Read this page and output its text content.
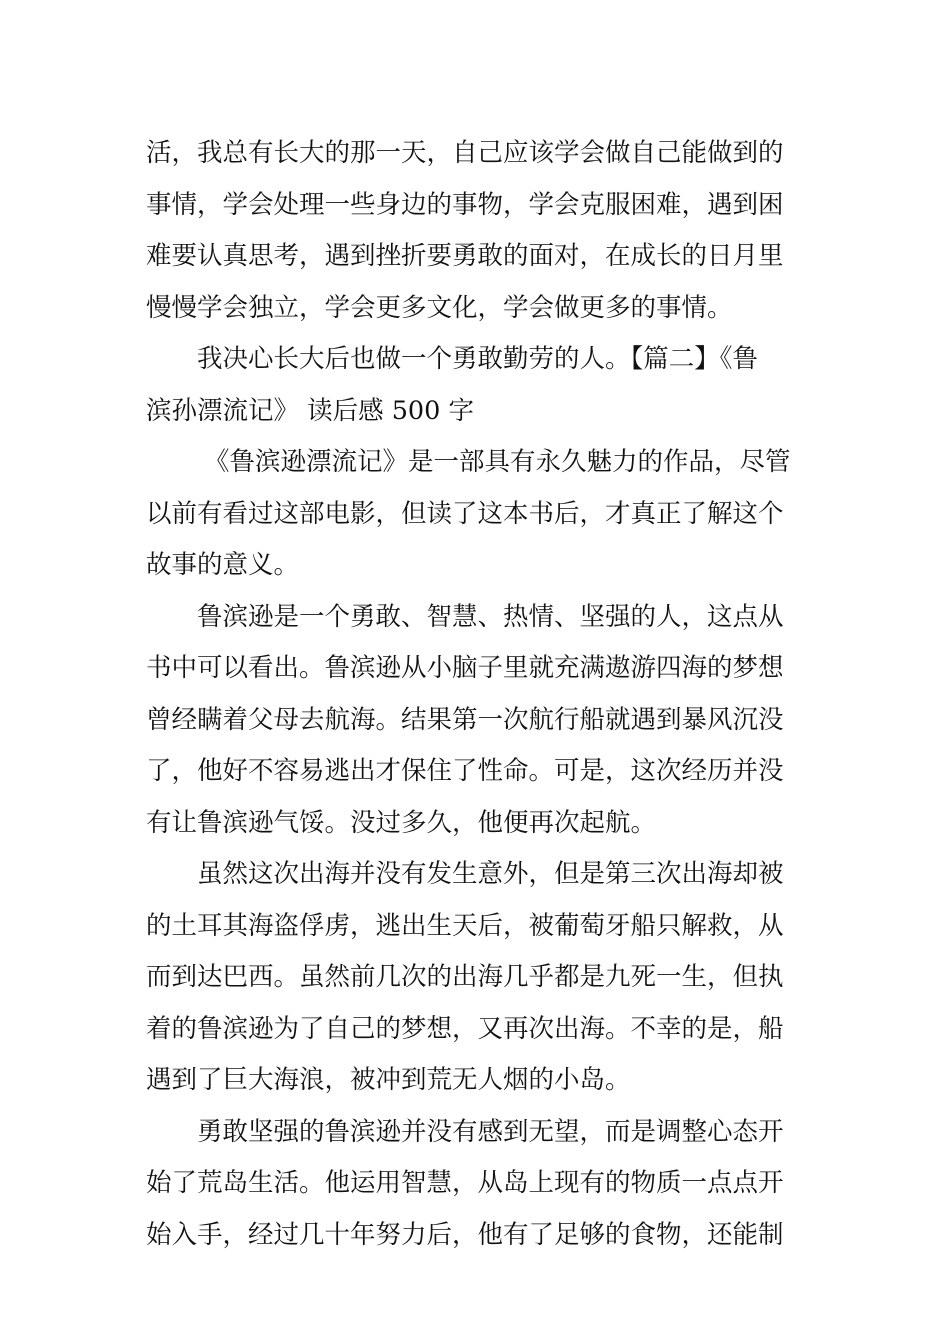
活，我总有长大的那一天，自己应该学会做自己能做到的
事情，学会处理一些身边的事物，学会克服困难，遇到困
难要认真思考，遇到挫折要勇敢的面对，在成长的日月里
慢慢学会独立，学会更多文化，学会做更多的事情。
我决心长大后也做一个勇敢勤劳的人。【篇二】《鲁
滨孙漂流记》 读后感 500 字
《鲁滨逊漂流记》是一部具有永久魅力的作品，尽管
以前有看过这部电影，但读了这本书后，才真正了解这个
故事的意义。
鲁滨逊是一个勇敢、智慧、热情、坚强的人，这点从
书中可以看出。鲁滨逊从小脑子里就充满遨游四海的梦想
曾经瞒着父母去航海。结果第一次航行船就遇到暴风沉没
了，他好不容易逃出才保住了性命。可是，这次经历并没
有让鲁滨逊气馁。没过多久，他便再次起航。
虽然这次出海并没有发生意外，但是第三次出海却被
的土耳其海盗俘虏，逃出生天后，被葡萄牙船只解救，从
而到达巴西。虽然前几次的出海几乎都是九死一生，但执
着的鲁滨逊为了自己的梦想，又再次出海。不幸的是，船
遇到了巨大海浪，被冲到荒无人烟的小岛。
勇敢坚强的鲁滨逊并没有感到无望，而是调整心态开
始了荒岛生活。他运用智慧，从岛上现有的物质一点点开
始入手，经过几十年努力后，他有了足够的食物，还能制
